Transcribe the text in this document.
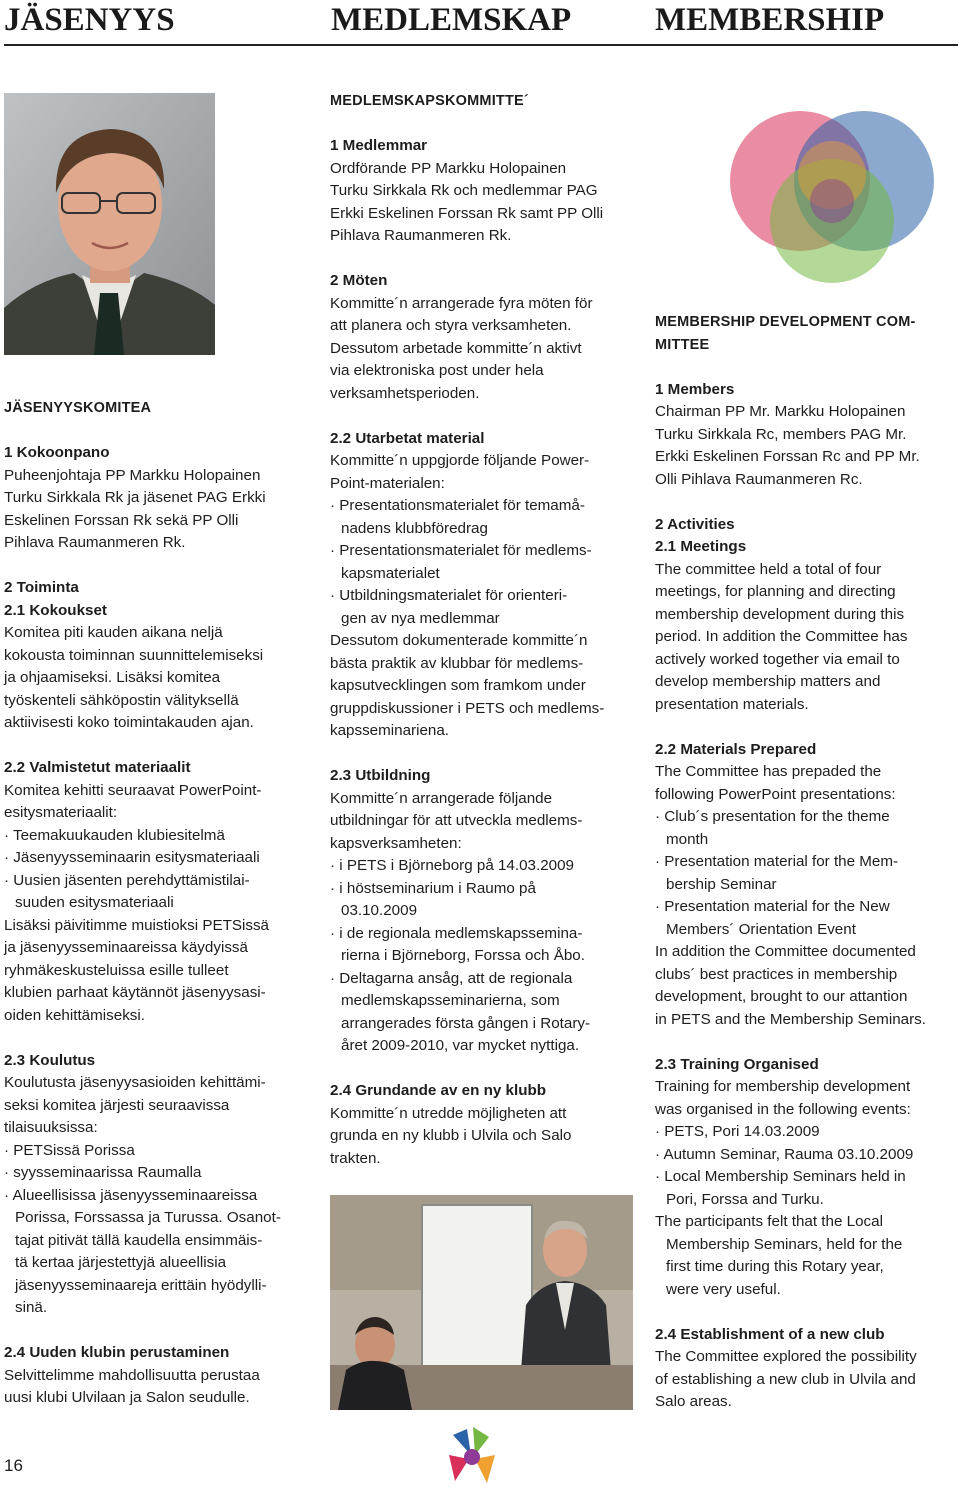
JÄSENYYS	MEDLEMSKAP	MEMBERSHIP

JÄSENYYSKOMITEA

1 Kokoonpano

Puheenjohtaja PP Markku Holopainen

Turku Sirkkala Rk ja jäsenet PAG Erkki

Eskelinen Forssan Rk sekä PP Olli

Pihlava Raumanmeren Rk.

2 Toiminta

2.1 Kokoukset

Komitea piti kauden aikana neljä

kokousta toiminnan suunnittelemiseksi

ja ohjaamiseksi. Lisäksi komitea

työskenteli sähköpostin välityksellä

aktiivisesti koko toimintakauden ajan.

2.2 Valmistetut materiaalit

Komitea kehitti seuraavat PowerPoint-

esitysmateriaalit:

· Teemakuukauden klubiesitelmä

· Jäsenyysseminaarin esitysmateriaali

· Uusien jäsenten perehdyttämistilai-

suuden esitysmateriaali

Lisäksi päivitimme muistioksi PETSissä

ja jäsenyysseminaareissa käydyissä

ryhmäkeskusteluissa esille tulleet

klubien parhaat käytännöt jäsenyysasi-

oiden kehittämiseksi.

2.3 Koulutus

Koulutusta jäsenyysasioiden kehittämi-

seksi komitea järjesti seuraavissa

tilaisuuksissa:

· PETSissä Porissa

· syysseminaarissa Raumalla

· Alueellisissa jäsenyysseminaareissa

Porissa, Forssassa ja Turussa. Osanot-

tajat pitivät tällä kaudella ensimmäis-

tä kertaa järjestettyjä alueellisia

jäsenyysseminaareja erittäin hyödylli-

sinä.

2.4 Uuden klubin perustaminen

Selvittelimme mahdollisuutta perustaa

uusi klubi Ulvilaan ja Salon seudulle.

MEDLEMSKAPSKOMMITTE´

1 Medlemmar

Ordförande PP Markku Holopainen

Turku Sirkkala Rk och medlemmar PAG

Erkki Eskelinen Forssan Rk samt PP Olli

Pihlava Raumanmeren Rk.

2 Möten

Kommitte´n arrangerade fyra möten för

att planera och styra verksamheten.

Dessutom arbetade kommitte´n aktivt

via elektroniska post under hela

verksamhetsperioden.

2.2 Utarbetat material

Kommitte´n uppgjorde följande Power-

Point-materialen:

· Presentationsmaterialet för temamå-

nadens klubbföredrag

· Presentationsmaterialet för medlems-

kapsmaterialet

· Utbildningsmaterialet för orienteri-

gen av nya medlemmar

Dessutom dokumenterade kommitte´n

bästa praktik av klubbar för medlems-

kapsutvecklingen som framkom under

gruppdiskussioner i PETS och medlems-

kapsseminariena.

2.3 Utbildning

Kommitte´n arrangerade följande

utbildningar för att utveckla medlems-

kapsverksamheten:

· i PETS i Björneborg på 14.03.2009

· i höstseminarium i Raumo på

03.10.2009

· i de regionala medlemskapssemina-

rierna i Björneborg, Forssa och Åbo.

· Deltagarna ansåg, att de regionala

medlemskapsseminarierna, som

arrangerades första gången i Rotary-

året 2009-2010, var mycket nyttiga.

2.4 Grundande av en ny klubb

Kommitte´n utredde möjligheten att

grunda en ny klubb i Ulvila och Salo

trakten.

MEMBERSHIP DEVELOPMENT COM-

MITTEE

1 Members

Chairman PP Mr. Markku Holopainen

Turku Sirkkala Rc, members PAG Mr.

Erkki Eskelinen Forssan Rc and PP Mr.

Olli Pihlava Raumanmeren Rc.

2 Activities

2.1 Meetings

The committee held a total of four

meetings, for planning and directing

membership development during this

period. In addition the Committee has

actively worked together via email to

develop membership matters and

presentation materials.

2.2 Materials Prepared

The Committee has prepaded the

following PowerPoint presentations:

· Club´s presentation for the theme

month

· Presentation material for the Mem-

bership Seminar

· Presentation material for the New

Members´ Orientation Event

In addition the Committee documented

clubs´ best practices in membership

development, brought to our attantion

in PETS and the Membership Seminars.

2.3 Training Organised

Training for membership development

was organised in the following events:

· PETS, Pori 14.03.2009

· Autumn Seminar, Rauma 03.10.2009

· Local Membership Seminars held in

Pori, Forssa and Turku.

The participants felt that the Local

Membership Seminars, held for the

first time during this Rotary year,

were very useful.

2.4 Establishment of a new club

The Committee explored the possibility

of establishing a new club in Ulvila and

Salo areas.

16
